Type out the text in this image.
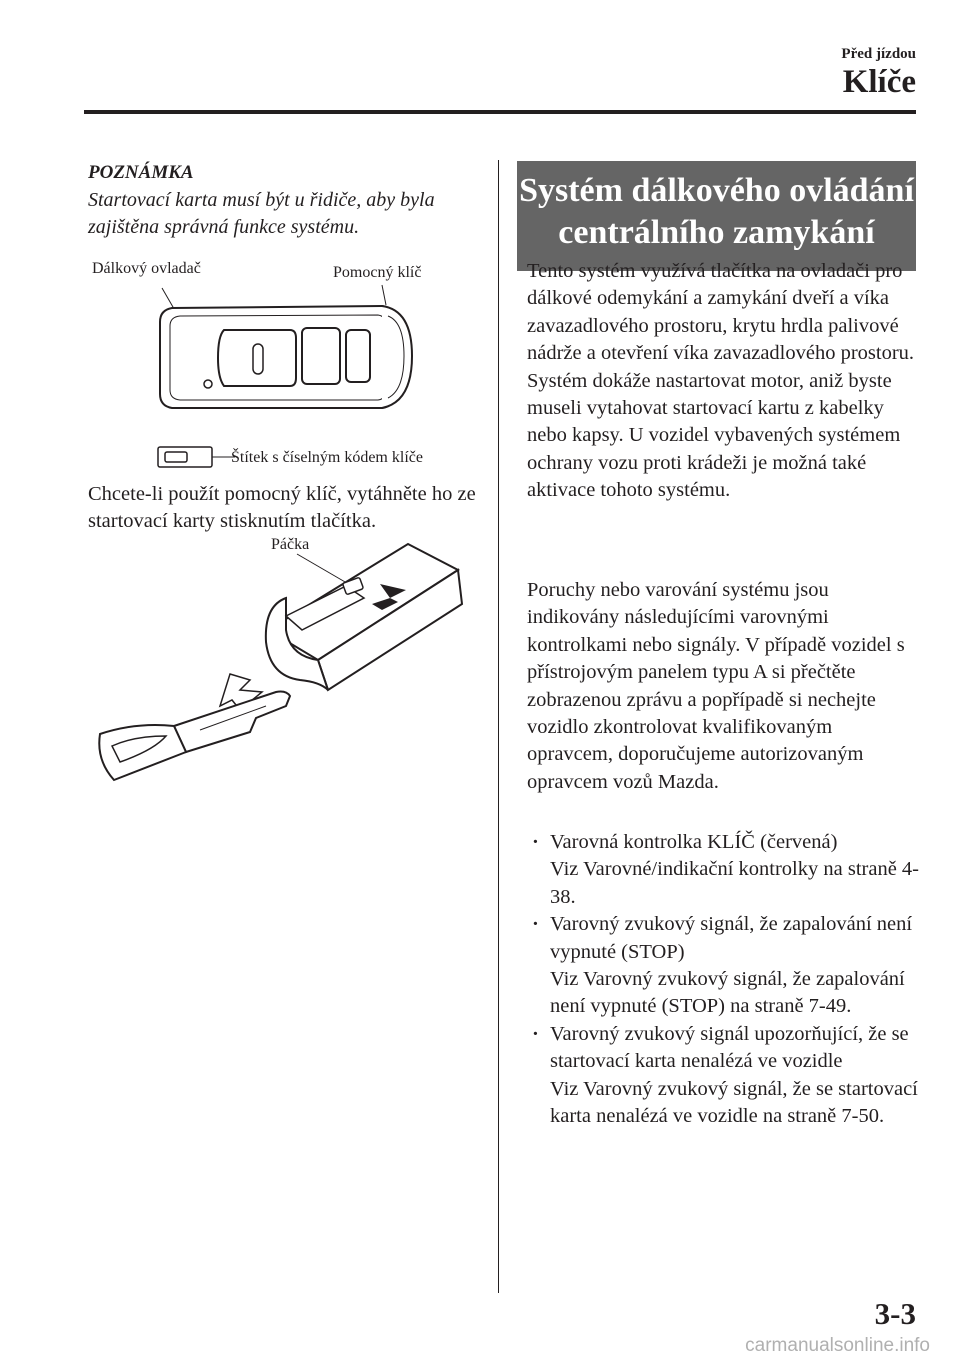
Před jízdou
Klíče
POZNÁMKA
Startovací karta musí být u řidiče, aby byla zajištěna správná funkce systému.
Dálkový ovladač	Pomocný klíč
Štítek s číselným kódem klíče
Chcete-li použít pomocný klíč, vytáhněte ho ze startovací karty stisknutím tlačítka.
Páčka
Systém dálkového ovládání
centrálního zamykání
Tento systém využívá tlačítka na ovladači pro dálkové odemykání a zamykání dveří a víka zavazadlového prostoru, krytu hrdla palivové nádrže a otevření víka zavazadlového prostoru. Systém dokáže nastartovat motor, aniž byste museli vytahovat startovací kartu z kabelky nebo kapsy. U vozidel vybavených systémem ochrany vozu proti krádeži je možná také aktivace tohoto systému.
Poruchy nebo varování systému jsou indikovány následujícími varovnými kontrolkami nebo signály. V případě vozidel s přístrojovým panelem typu A si přečtěte zobrazenou zprávu a popřípadě si nechejte vozidlo zkontrolovat kvalifikovaným opravcem, doporučujeme autorizovaným opravcem vozů Mazda.
· Varovná kontrolka KLÍČ (červená)
Viz Varovné/indikační kontrolky na straně 4-38.
· Varovný zvukový signál, že zapalování není vypnuté (STOP)
Viz Varovný zvukový signál, že zapalování není vypnuté (STOP) na straně 7-49.
· Varovný zvukový signál upozorňující, že se startovací karta nenalézá ve vozidle
Viz Varovný zvukový signál, že se startovací karta nenalézá ve vozidle na straně 7-50.
3-3
carmanualsonline.info
